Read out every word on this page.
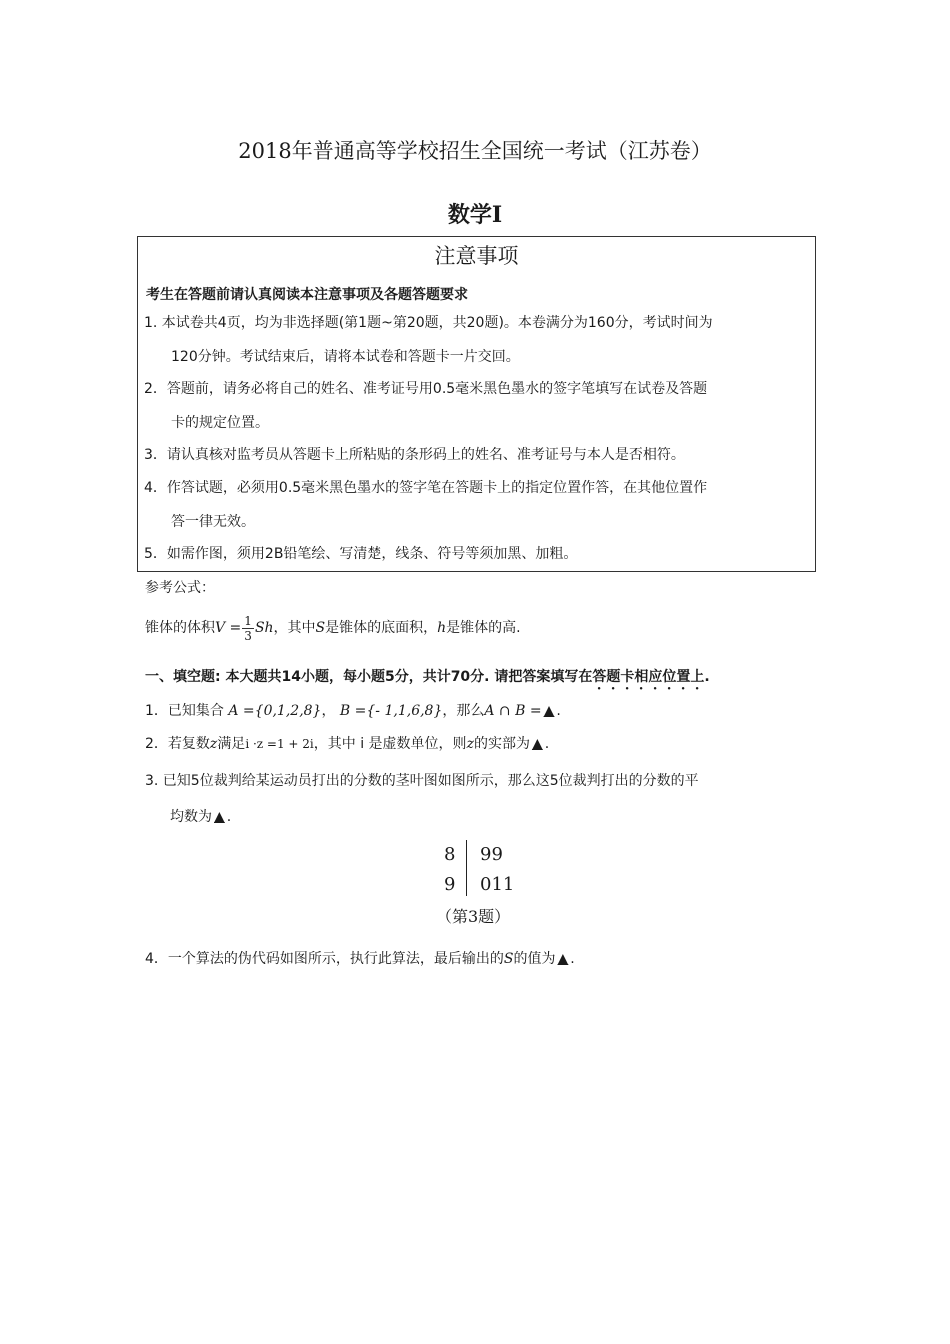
2018年普通高等学校招生全国统一考试（江苏卷）
数学Ⅰ
注意事项
考生在答题前请认真阅读本注意事项及各题答题要求
1. 本试卷共4页，均为非选择题(第1题~第20题，共20题)。本卷满分为160分，考试时间为
120分钟。考试结束后，请将本试卷和答题卡一片交回。
2．答题前，请务必将自己的姓名、准考证号用0.5毫米黑色墨水的签字笔填写在试卷及答题
卡的规定位置。
3．请认真核对监考员从答题卡上所粘贴的条形码上的姓名、准考证号与本人是否相符。
4．作答试题，必须用0.5毫米黑色墨水的签字笔在答题卡上的指定位置作答，在其他位置作
答一律无效。
5．如需作图，须用2B铅笔绘、写清楚，线条、符号等须加黑、加粗。
参考公式：
锥体的体积$V = \frac{1}{3}$ Sh，其中S是锥体的底面积，h是锥体的高.
一、填空题: 本大题共14小题，每小题5分，共计70分. 请把答案填写在答题卡相应位置上.
1．已知集合 A ={0,1,2,8}， B ={- 1,1,6,8}，那么A ∩ B = ▲ .
2．若复数z满足i ·z =1 + 2i，其中 i 是虚数单位，则z的实部为 ▲ .
3. 已知5位裁判给某运动员打出的分数的茎叶图如图所示，那么这5位裁判打出的分数的平
均数为 ▲ .
8 99
9 011
（第3题）
4．一个算法的伪代码如图所示，执行此算法，最后输出的S的值为 ▲ .
